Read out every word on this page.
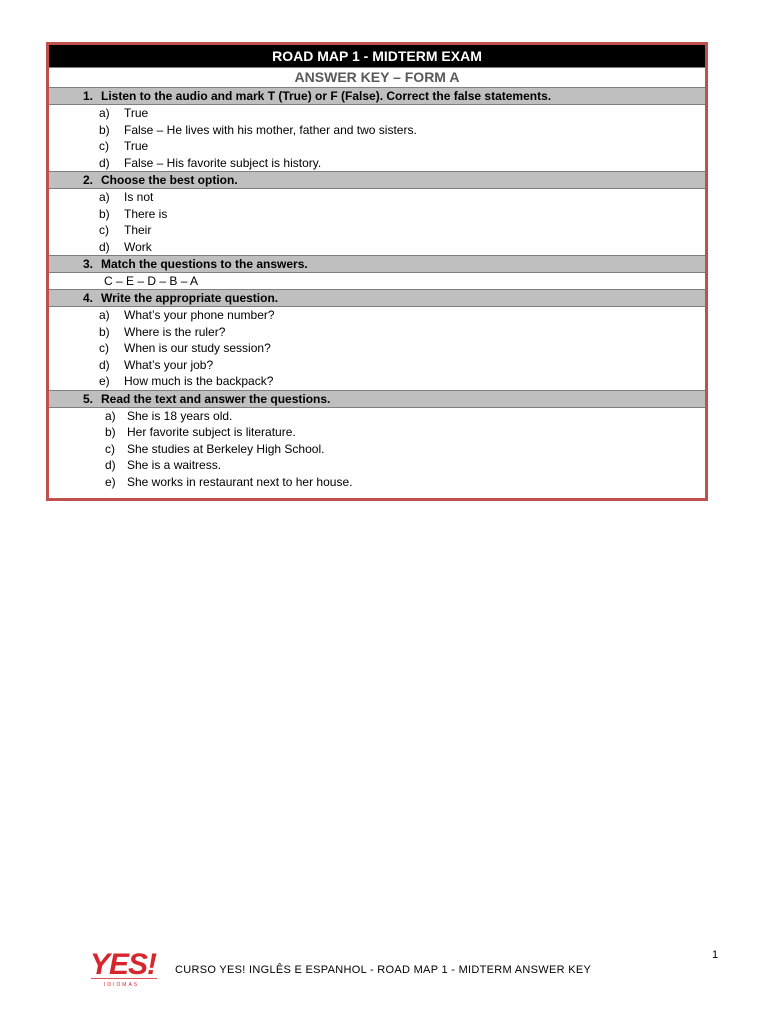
ROAD MAP 1 - MIDTERM EXAM
ANSWER KEY – FORM A
1. Listen to the audio and mark T (True) or F (False). Correct the false statements.
a) True
b) False – He lives with his mother, father and two sisters.
c) True
d) False – His favorite subject is history.
2. Choose the best option.
a) Is not
b) There is
c) Their
d) Work
3. Match the questions to the answers.
C – E – D – B – A
4. Write the appropriate question.
a) What’s your phone number?
b) Where is the ruler?
c) When is our study session?
d) What’s your job?
e) How much is the backpack?
5. Read the text and answer the questions.
a) She is 18 years old.
b) Her favorite subject is literature.
c) She studies at Berkeley High School.
d) She is a waitress.
e) She works in restaurant next to her house.
YES!
IDIOMAS
CURSO YES! INGLÊS E ESPANHOL - ROAD MAP 1 - MIDTERM ANSWER KEY
1
